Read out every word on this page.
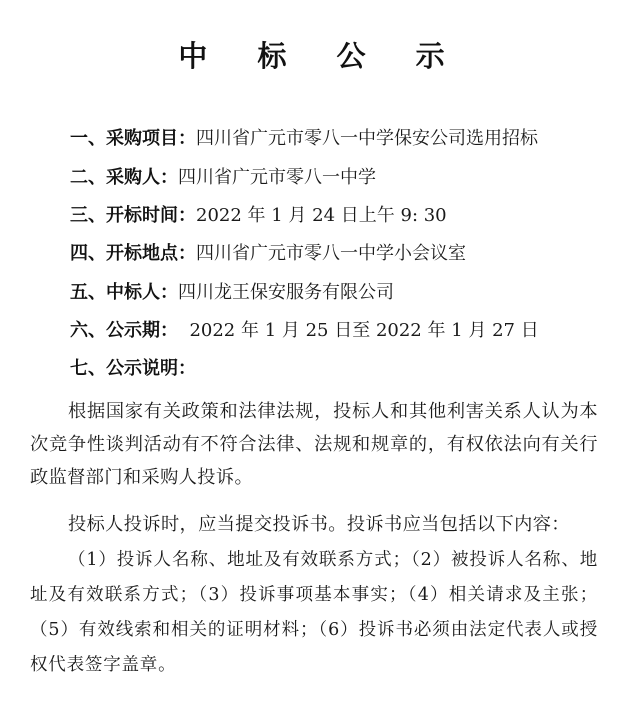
中 标 公 示
一、采购项目：四川省广元市零八一中学保安公司选用招标
二、采购人：四川省广元市零八一中学
三、开标时间：2022 年 1 月 24 日上午 9: 30
四、开标地点：四川省广元市零八一中学小会议室
五、中标人：四川龙王保安服务有限公司
六、公示期：  2022 年 1 月 25 日至 2022 年 1 月 27 日
七、公示说明：

根据国家有关政策和法律法规，投标人和其他利害关系人认为本次竞争性谈判活动有不符合法律、法规和规章的，有权依法向有关行政监督部门和采购人投诉。

投标人投诉时，应当提交投诉书。投诉书应当包括以下内容：

（1）投诉人名称、地址及有效联系方式；（2）被投诉人名称、地址及有效联系方式；（3）投诉事项基本事实；（4）相关请求及主张；（5）有效线索和相关的证明材料；（6）投诉书必须由法定代表人或授权代表签字盖章。
